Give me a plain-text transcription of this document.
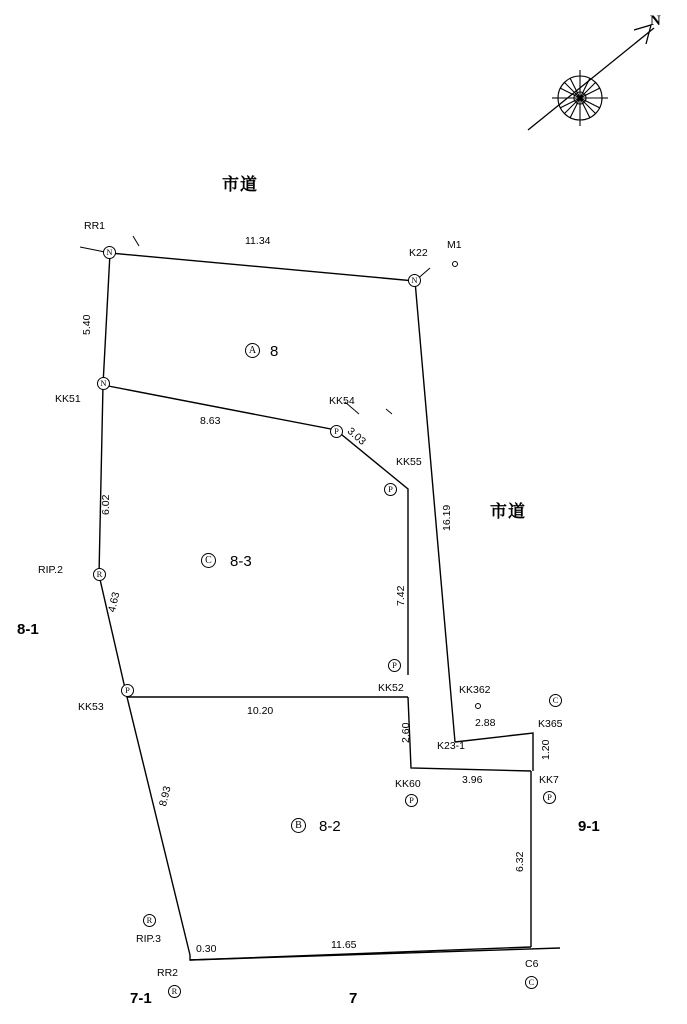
N
市道
市道
A 8
C 8-3
B 8-2
8-1
9-1
7-1	7
RR1
N	K22
N
M1
KK51
N
KK54
P
KK55
P
RIP.2	R
KK53
P	KK52
P
KK362
K365
C
K23-1
KK7
P
KK60
P
RIP.3
R
RR2
R
C6
C
11.34
5.40
8.63
3.03
16.19
6.02
7.42
4.63
10.20
2.60	2.88
1.20
3.96
8.93
6.32
0.30	11.65
